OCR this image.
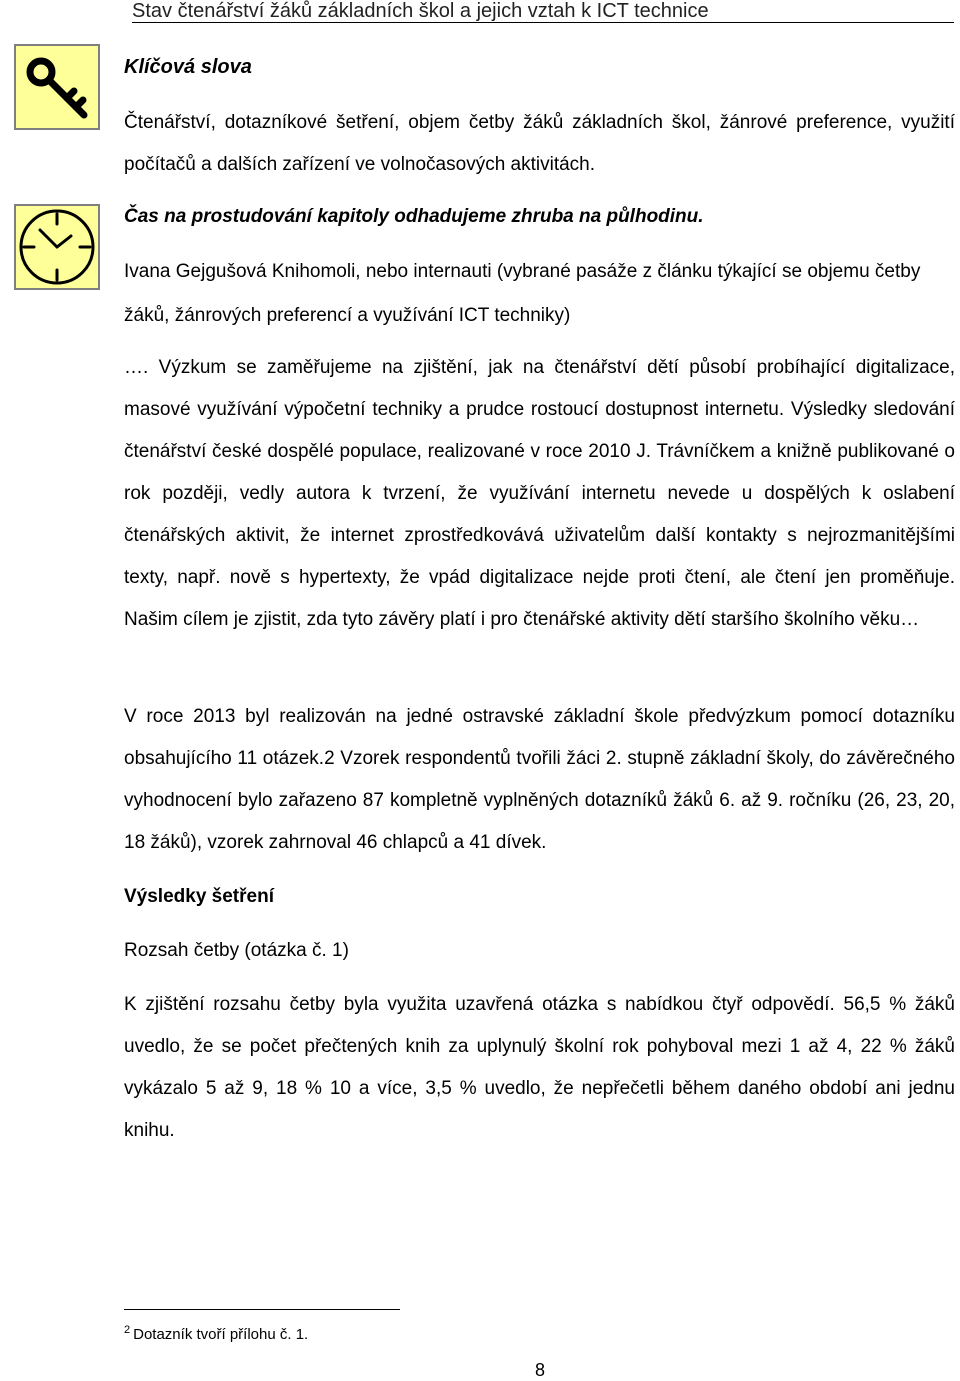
Stav čtenářství žáků základních škol a jejich vztah k ICT technice
Klíčová slova
Čtenářství, dotazníkové šetření, objem četby žáků základních škol, žánrové preference, využití počítačů a dalších zařízení ve volnočasových aktivitách.
Čas na prostudování kapitoly odhadujeme zhruba na půlhodinu.
Ivana Gejgušová Knihomoli, nebo internauti (vybrané pasáže z článku týkající se objemu četby žáků, žánrových preferencí a využívání ICT techniky)
…. Výzkum se zaměřujeme na zjištění, jak na čtenářství dětí působí probíhající digitalizace, masové využívání výpočetní techniky a prudce rostoucí dostupnost internetu. Výsledky sledování čtenářství české dospělé populace, realizované v roce 2010 J. Trávníčkem a knižně publikované o rok později, vedly autora k tvrzení, že využívání internetu nevede u dospělých k oslabení čtenářských aktivit, že internet zprostředkovává uživatelům další kontakty s nejrozmanitějšími texty, např. nově s hypertexty, že vpád digitalizace nejde proti čtení, ale čtení jen proměňuje. Našim cílem je zjistit, zda tyto závěry platí i pro čtenářské aktivity dětí staršího školního věku…
V roce 2013 byl realizován na jedné ostravské základní škole předvýzkum pomocí dotazníku obsahujícího 11 otázek.2 Vzorek respondentů tvořili žáci 2. stupně základní školy, do závěrečného vyhodnocení bylo zařazeno 87 kompletně vyplněných dotazníků žáků 6. až 9. ročníku (26, 23, 20, 18 žáků), vzorek zahrnoval 46 chlapců a 41 dívek.
Výsledky šetření
Rozsah četby (otázka č. 1)
K zjištění rozsahu četby byla využita uzavřená otázka s nabídkou čtyř odpovědí. 56,5 % žáků uvedlo, že se počet přečtených knih za uplynulý školní rok pohyboval mezi 1 až 4, 22 % žáků vykázalo 5 až 9, 18 % 10 a více, 3,5 % uvedlo, že nepřečetli během daného období ani jednu knihu.
$^2$ Dotazník tvoří přílohu č. 1.
8
